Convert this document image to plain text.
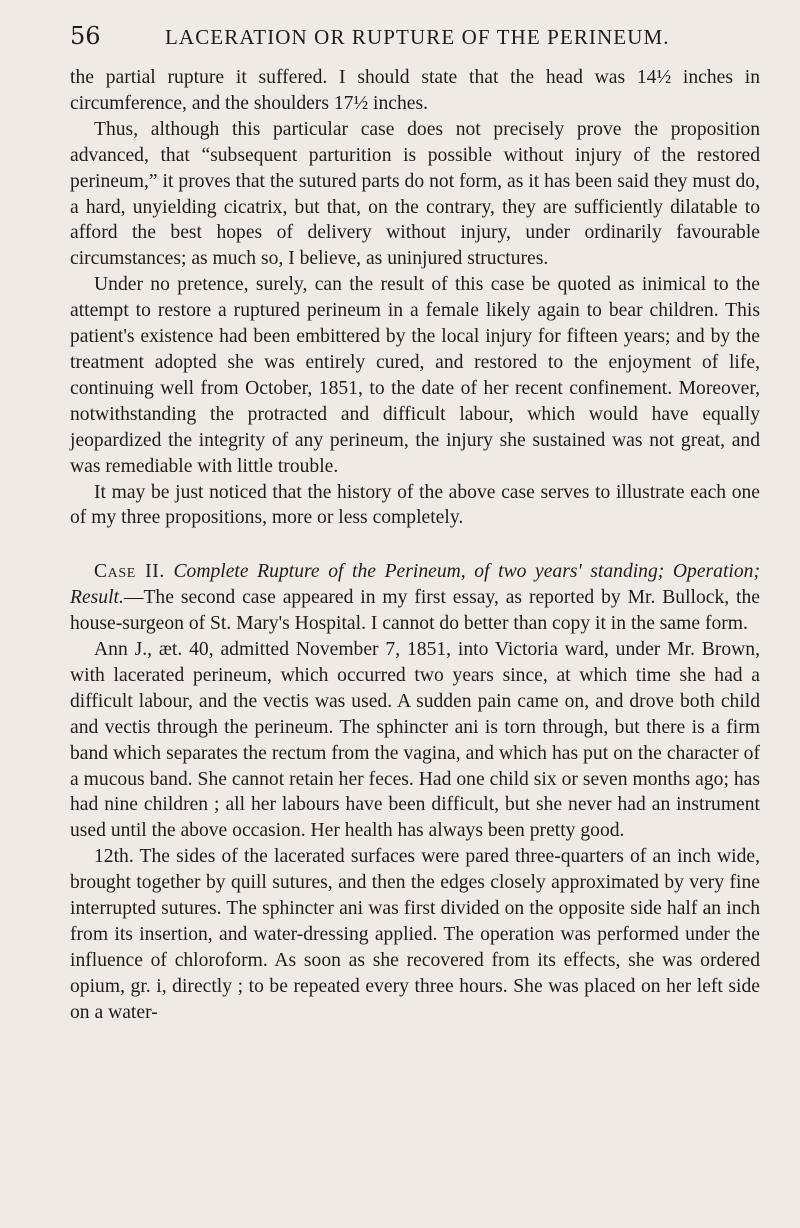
56	LACERATION OR RUPTURE OF THE PERINEUM.

the partial rupture it suffered. I should state that the head was 14½ inches in circumference, and the shoulders 17½ inches.

Thus, although this particular case does not precisely prove the proposition advanced, that “subsequent parturition is possible without injury of the restored perineum,” it proves that the sutured parts do not form, as it has been said they must do, a hard, unyielding cicatrix, but that, on the contrary, they are sufficiently dilatable to afford the best hopes of delivery without injury, under ordinarily favourable circumstances; as much so, I believe, as uninjured structures.

Under no pretence, surely, can the result of this case be quoted as inimical to the attempt to restore a ruptured perineum in a female likely again to bear children. This patient's existence had been embittered by the local injury for fifteen years; and by the treatment adopted she was entirely cured, and restored to the enjoyment of life, continuing well from October, 1851, to the date of her recent confinement. Moreover, notwithstanding the protracted and difficult labour, which would have equally jeopardized the integrity of any perineum, the injury she sustained was not great, and was remediable with little trouble.

It may be just noticed that the history of the above case serves to illustrate each one of my three propositions, more or less completely.

Case II. Complete Rupture of the Perineum, of two years' standing; Operation; Result.—The second case appeared in my first essay, as reported by Mr. Bullock, the house-surgeon of St. Mary's Hospital. I cannot do better than copy it in the same form.

Ann J., æt. 40, admitted November 7, 1851, into Victoria ward, under Mr. Brown, with lacerated perineum, which occurred two years since, at which time she had a difficult labour, and the vectis was used. A sudden pain came on, and drove both child and vectis through the perineum. The sphincter ani is torn through, but there is a firm band which separates the rectum from the vagina, and which has put on the character of a mucous band. She cannot retain her feces. Had one child six or seven months ago; has had nine children ; all her labours have been difficult, but she never had an instrument used until the above occasion. Her health has always been pretty good.

12th. The sides of the lacerated surfaces were pared three-quarters of an inch wide, brought together by quill sutures, and then the edges closely approximated by very fine interrupted sutures. The sphincter ani was first divided on the opposite side half an inch from its insertion, and water-dressing applied. The operation was performed under the influence of chloroform. As soon as she recovered from its effects, she was ordered opium, gr. i, directly ; to be repeated every three hours. She was placed on her left side on a water-
